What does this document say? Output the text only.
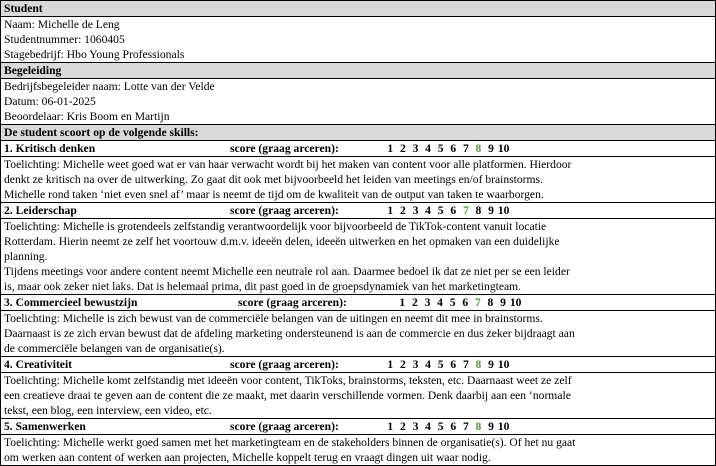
Student

Naam: Michelle de Leng
Studentnummer: 1060405
Stagebedrijf: Hbo Young Professionals

Begeleiding

Bedrijfsbegeleider naam: Lotte van der Velde
Datum: 06-01-2025
Beoordelaar: Kris Boom en Martijn

De student scoort op de volgende skills:

1. Kritisch denken	score (graag arceren):	1 2 3 4 5 6 7 8 9 10

Toelichting: Michelle weet goed wat er van haar verwacht wordt bij het maken van content voor alle platformen. Hierdoor
denkt ze kritisch na over de uitwerking. Zo gaat dit ook met bijvoorbeeld het leiden van meetings en/of brainstorms.
Michelle rond taken ‘niet even snel af’ maar is neemt de tijd om de kwaliteit van de output van taken te waarborgen.

2. Leiderschap	score (graag arceren):	1 2 3 4 5 6 7 8 9 10

Toelichting: Michelle is grotendeels zelfstandig verantwoordelijk voor bijvoorbeeld de TikTok-content vanuit locatie
Rotterdam. Hierin neemt ze zelf het voortouw d.m.v. ideeën delen, ideeën uitwerken en het opmaken van een duidelijke
planning.
Tijdens meetings voor andere content neemt Michelle een neutrale rol aan. Daarmee bedoel ik dat ze niet per se een leider
is, maar ook zeker niet laks. Dat is helemaal prima, dit past goed in de groepsdynamiek van het marketingteam.

3. Commercieel bewustzijn	score (graag arceren):	1 2 3 4 5 6 7 8 9 10

Toelichting: Michelle is zich bewust van de commerciële belangen van de uitingen en neemt dit mee in brainstorms.
Daarnaast is ze zich ervan bewust dat de afdeling marketing ondersteunend is aan de commercie en dus zeker bijdraagt aan
de commerciële belangen van de organisatie(s).

4. Creativiteit	score (graag arceren):	1 2 3 4 5 6 7 8 9 10

Toelichting: Michelle komt zelfstandig met ideeën voor content, TikToks, brainstorms, teksten, etc. Daarnaast weet ze zelf
een creatieve draai te geven aan de content die ze maakt, met daarin verschillende vormen. Denk daarbij aan een ‘normale
tekst, een blog, een interview, een video, etc.

5. Samenwerken	score (graag arceren):	1 2 3 4 5 6 7 8 9 10

Toelichting: Michelle werkt goed samen met het marketingteam en de stakeholders binnen de organisatie(s). Of het nu gaat
om werken aan content of werken aan projecten, Michelle koppelt terug en vraagt dingen uit waar nodig.
